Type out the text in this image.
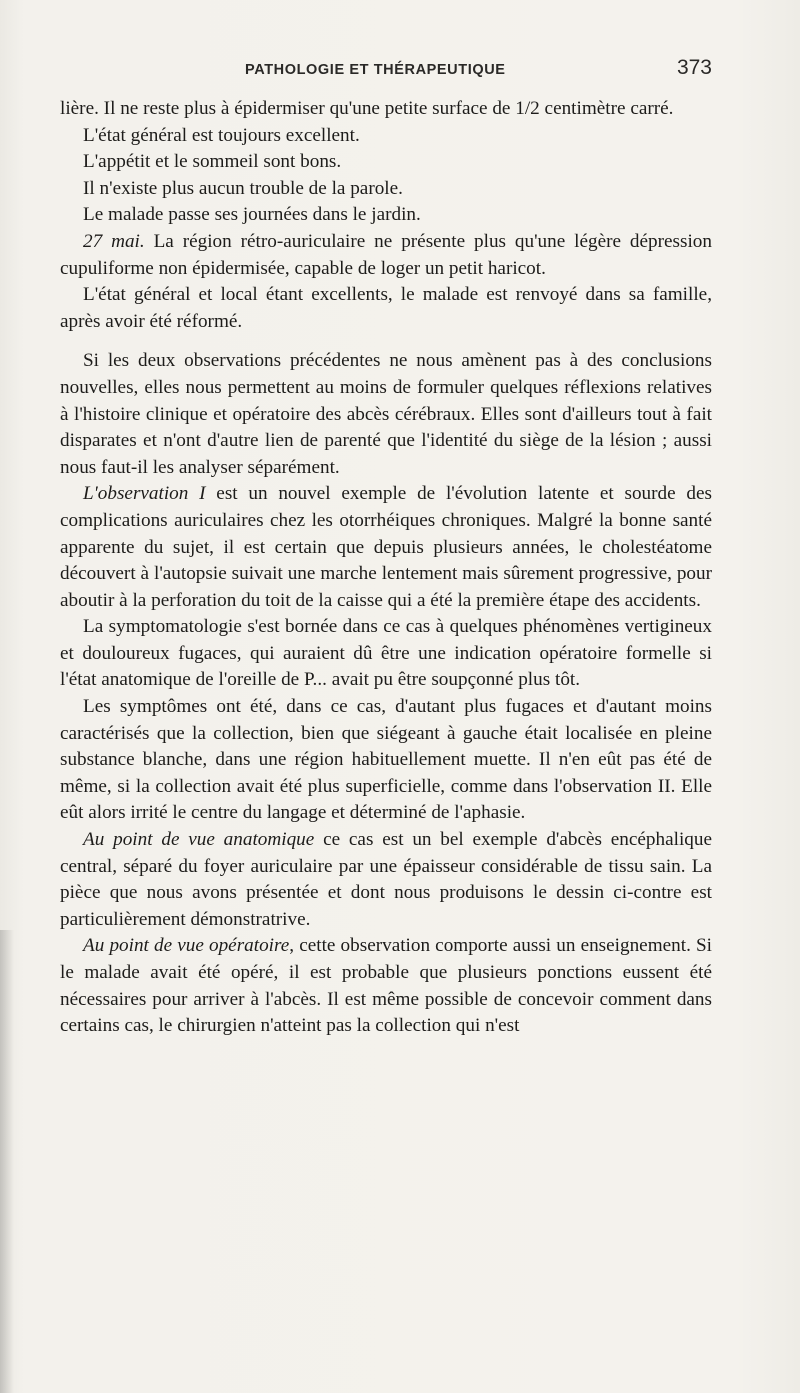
PATHOLOGIE ET THÉRAPEUTIQUE	373

lière. Il ne reste plus à épidermiser qu'une petite surface de 1/2 centimètre carré.

L'état général est toujours excellent.

L'appétit et le sommeil sont bons.

Il n'existe plus aucun trouble de la parole.

Le malade passe ses journées dans le jardin.

27 mai. La région rétro-auriculaire ne présente plus qu'une légère dépression cupuliforme non épidermisée, capable de loger un petit haricot.

L'état général et local étant excellents, le malade est renvoyé dans sa famille, après avoir été réformé.

Si les deux observations précédentes ne nous amènent pas à des conclusions nouvelles, elles nous permettent au moins de formuler quelques réflexions relatives à l'histoire clinique et opératoire des abcès cérébraux. Elles sont d'ailleurs tout à fait disparates et n'ont d'autre lien de parenté que l'identité du siège de la lésion ; aussi nous faut-il les analyser séparément.

L'observation I est un nouvel exemple de l'évolution latente et sourde des complications auriculaires chez les otorrhéiques chroniques. Malgré la bonne santé apparente du sujet, il est certain que depuis plusieurs années, le cholestéatome découvert à l'autopsie suivait une marche lentement mais sûrement progressive, pour aboutir à la perforation du toit de la caisse qui a été la première étape des accidents.

La symptomatologie s'est bornée dans ce cas à quelques phénomènes vertigineux et douloureux fugaces, qui auraient dû être une indication opératoire formelle si l'état anatomique de l'oreille de P... avait pu être soupçonné plus tôt.

Les symptômes ont été, dans ce cas, d'autant plus fugaces et d'autant moins caractérisés que la collection, bien que siégeant à gauche était localisée en pleine substance blanche, dans une région habituellement muette. Il n'en eût pas été de même, si la collection avait été plus superficielle, comme dans l'observation II. Elle eût alors irrité le centre du langage et déterminé de l'aphasie.

Au point de vue anatomique ce cas est un bel exemple d'abcès encéphalique central, séparé du foyer auriculaire par une épaisseur considérable de tissu sain. La pièce que nous avons présentée et dont nous produisons le dessin ci-contre est particulièrement démonstratrive.

Au point de vue opératoire, cette observation comporte aussi un enseignement. Si le malade avait été opéré, il est probable que plusieurs ponctions eussent été nécessaires pour arriver à l'abcès. Il est même possible de concevoir comment dans certains cas, le chirurgien n'atteint pas la collection qui n'est
